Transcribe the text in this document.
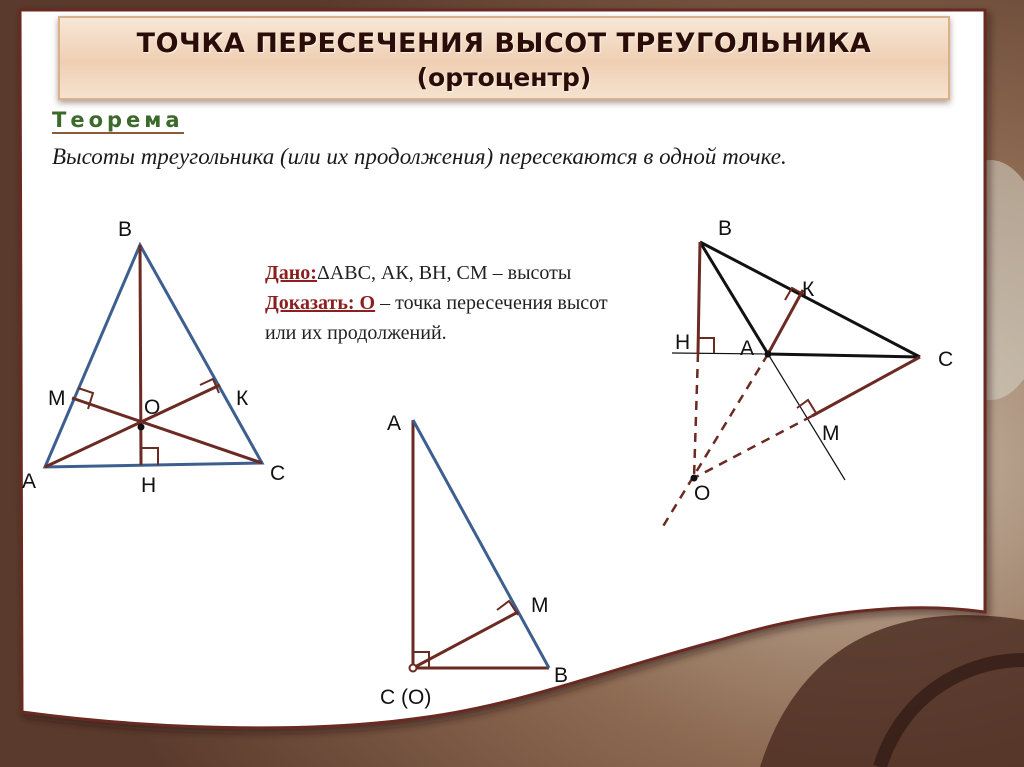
ТОЧКА ПЕРЕСЕЧЕНИЯ ВЫСОТ ТРЕУГОЛЬНИКА
(ортоцентр)
Теорема
Высоты треугольника (или их продолжения) пересекаются в одной точке.
Дано:ΔАВС, АК, ВН, СМ – высоты
Доказать: О – точка пересечения высот или их продолжений.
В
А	С
М	К
О
Н
А
М
В
С (О)
В
К
Н А	С
М
О
